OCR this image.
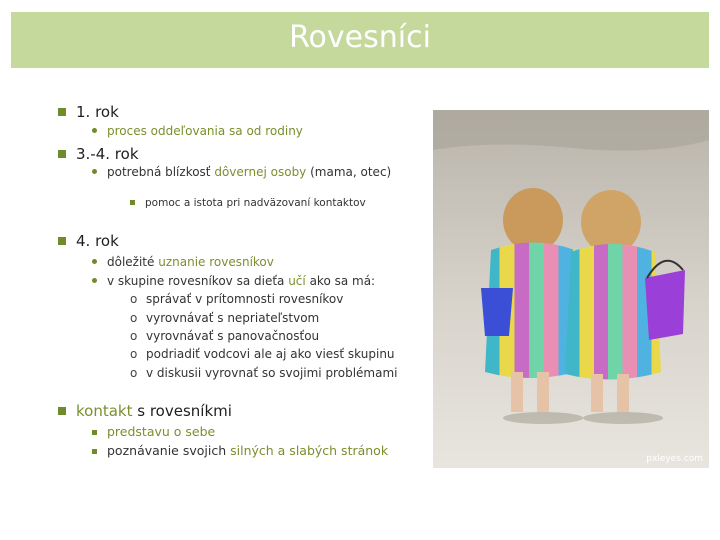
Rovesníci
1. rok
proces oddeľovania sa od rodiny
3.-4. rok
potrebná blízkosť dôvernej osoby (mama, otec)
pomoc a istota pri nadväzovaní kontaktov
4. rok
dôležité uznanie rovesníkov
v skupine rovesníkov sa dieťa učí ako sa má:
o správať v prítomnosti rovesníkov
o vyrovnávať s nepriateľstvom
o vyrovnávať s panovačnosťou
o podriadiť vodcovi ale aj ako viesť skupinu
o v diskusii vyrovnať so svojimi problémami
kontakt s rovesníkmi
predstavu o sebe
poznávanie svojich silných a slabých stránok
pxleyes.com
